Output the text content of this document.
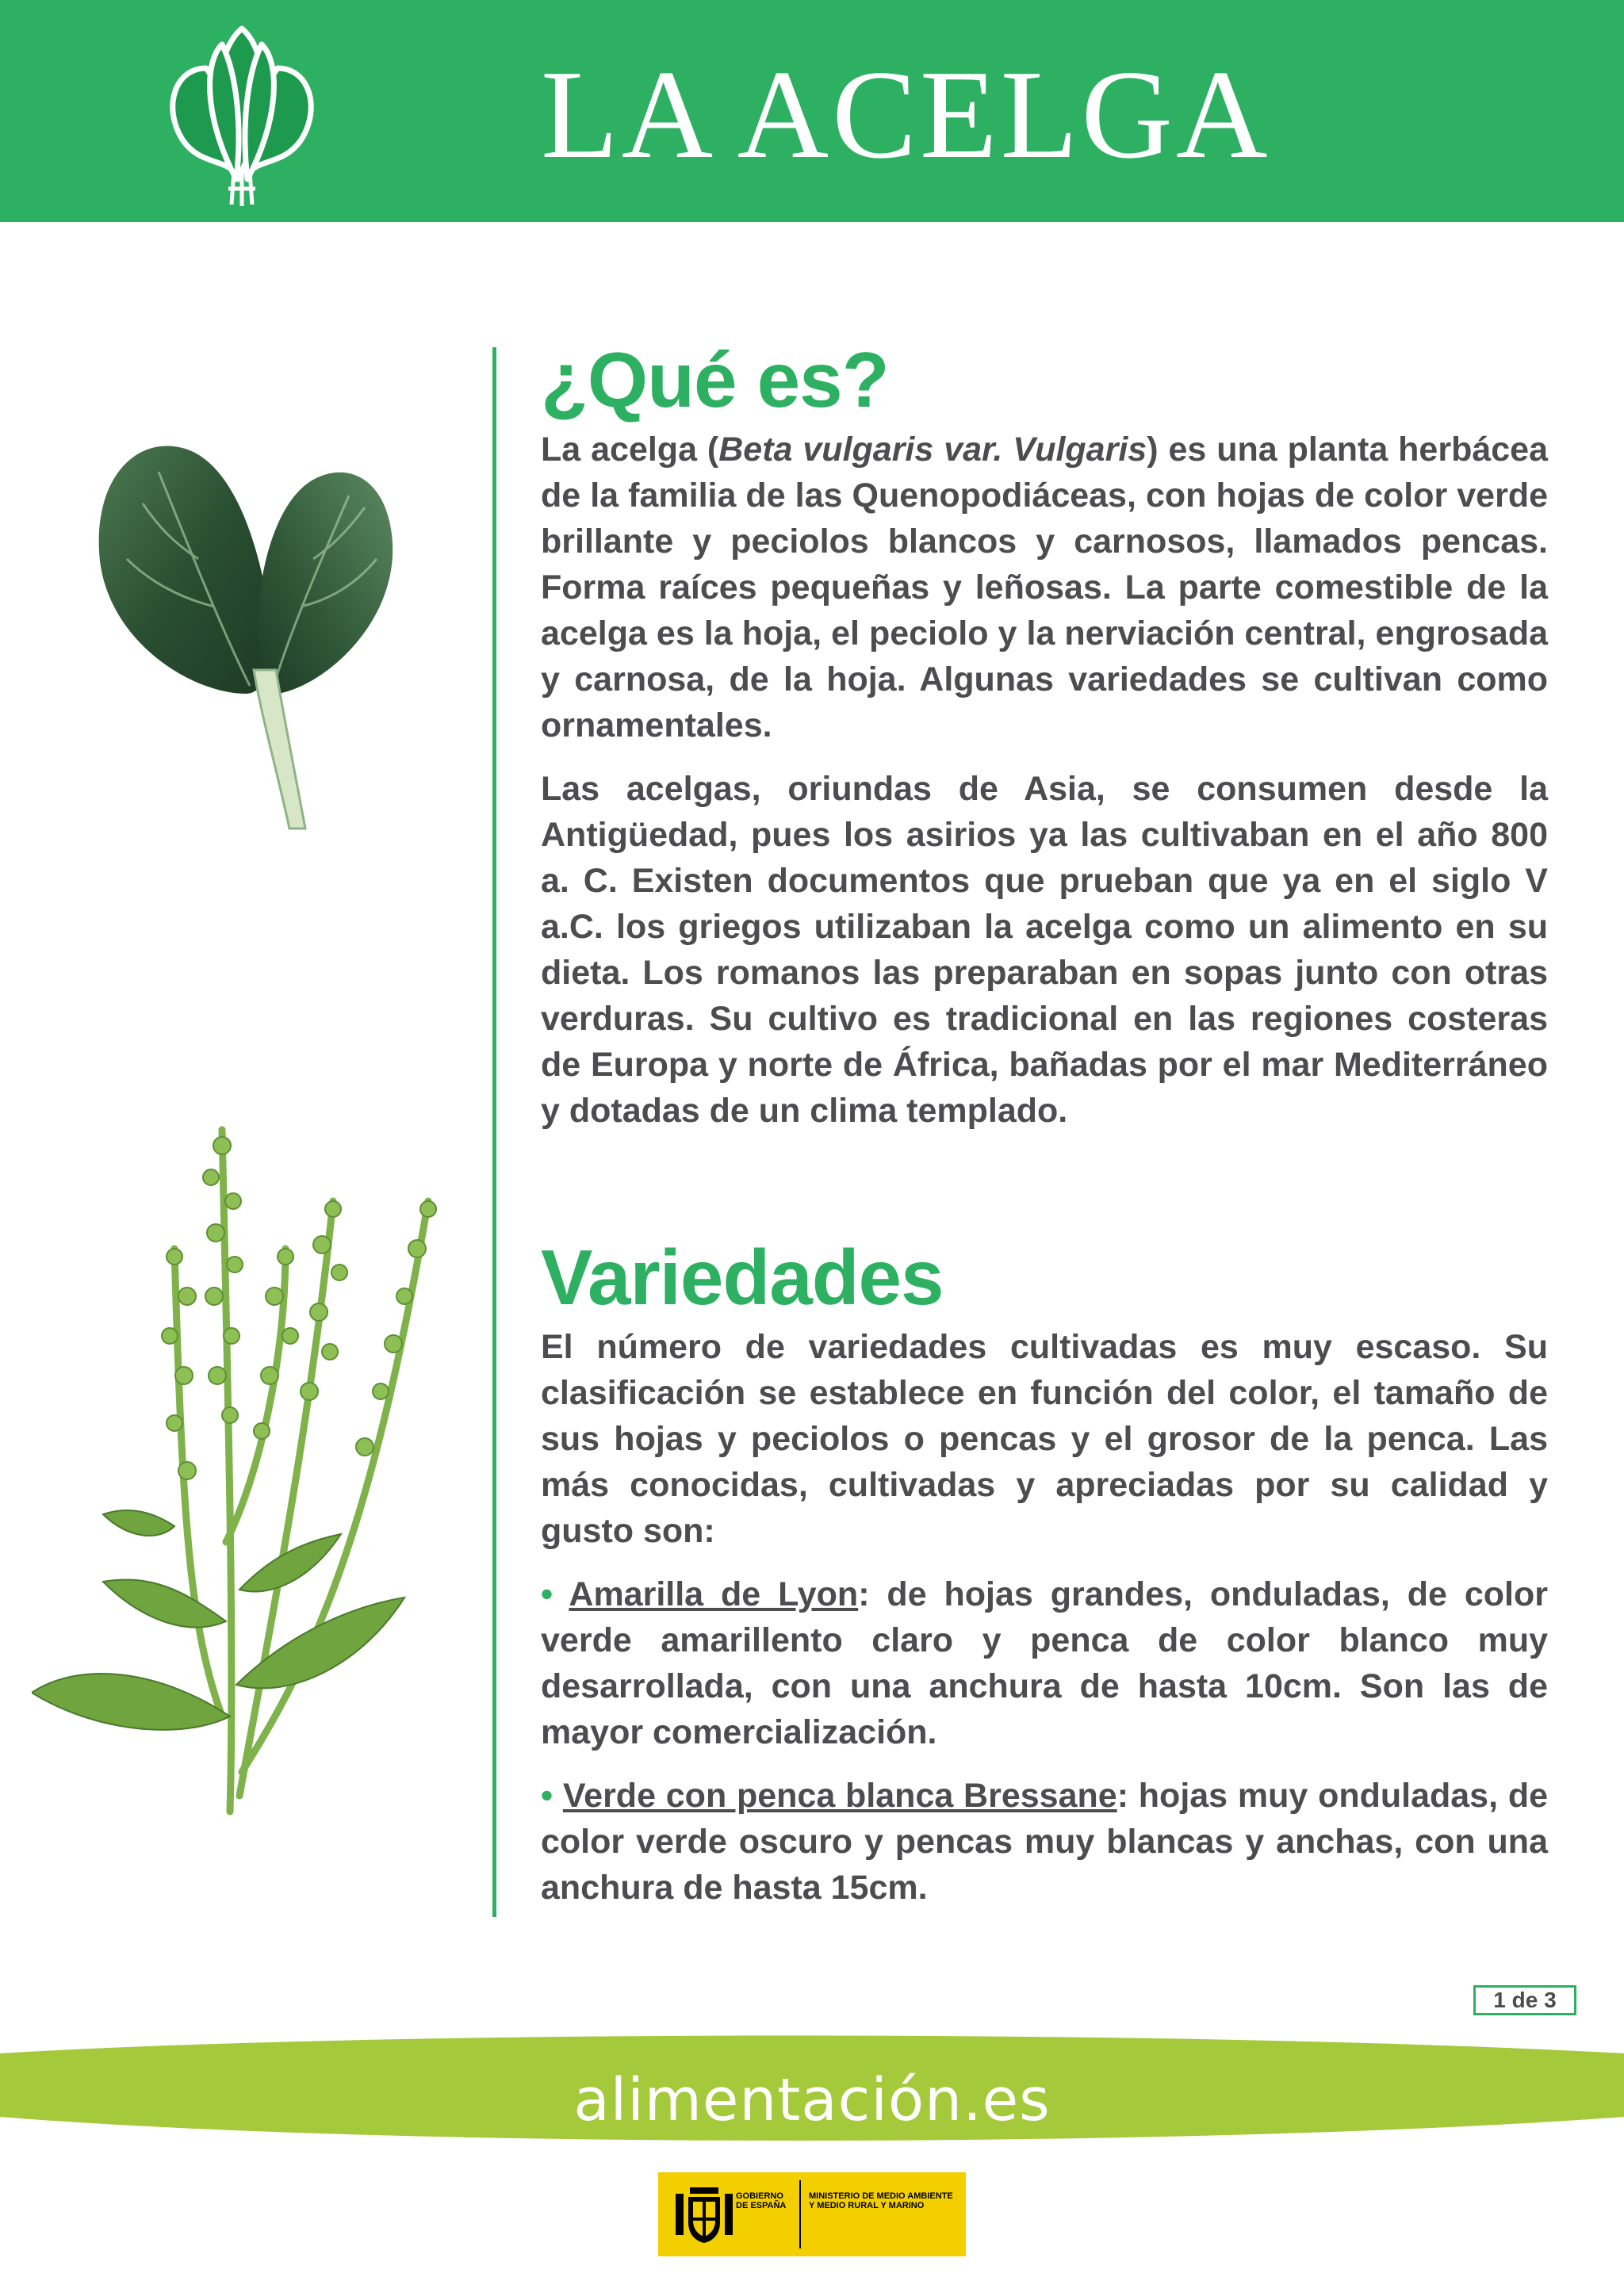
LA ACELGA
¿Qué es?

La acelga (Beta vulgaris var. Vulgaris) es una planta herbácea de la familia de las Quenopodiáceas, con hojas de color verde brillante y peciolos blancos y carnosos, llamados pencas. Forma raíces pequeñas y leñosas. La parte comestible de la acelga es la hoja, el peciolo y la nerviación central, engrosada y carnosa, de la hoja. Algunas variedades se cultivan como ornamentales.

Las acelgas, oriundas de Asia, se consumen desde la Antigüedad, pues los asirios ya las cultivaban en el año 800 a. C. Existen documentos que prueban que ya en el siglo V a.C. los griegos utilizaban la acelga como un alimento en su dieta. Los romanos las preparaban en sopas junto con otras verduras. Su cultivo es tradicional en las regiones costeras de Europa y norte de África, bañadas por el mar Mediterráneo y dotadas de un clima templado.

Variedades

El número de variedades cultivadas es muy escaso. Su clasificación se establece en función del color, el tamaño de sus hojas y peciolos o pencas y el grosor de la penca. Las más conocidas, cultivadas y apreciadas por su calidad y gusto son:

• Amarilla de Lyon: de hojas grandes, onduladas, de color verde amarillento claro y penca de color blanco muy desarrollada, con una anchura de hasta 10cm. Son las de mayor comercialización.

• Verde con penca blanca Bressane: hojas muy onduladas, de color verde oscuro y pencas muy blancas y anchas, con una anchura de hasta 15cm.

1 de 3
alimentación.es
GOBIERNO DE ESPAÑA
MINISTERIO DE MEDIO AMBIENTE Y MEDIO RURAL Y MARINO
